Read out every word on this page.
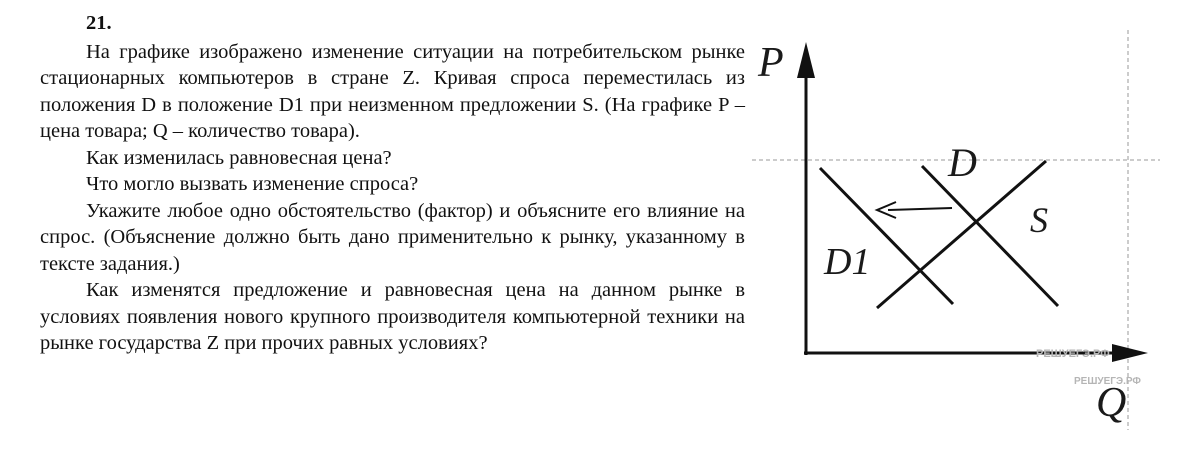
21.

На графике изображено изменение ситуации на потребительском рынке стационарных компьютеров в стране Z. Кривая спроса переместилась из положения D в положение D1 при неизменном предложении S. (На графике P – цена товара; Q – количество товара).

Как изменилась равновесная цена?

Что могло вызвать изменение спроса?

Укажите любое одно обстоятельство (фактор) и объясните его влияние на спрос. (Объяснение должно быть дано применительно к рынку, указанному в тексте задания.)

Как изменятся предложение и равновесная цена на данном рынке в условиях появления нового крупного производителя компьютерной техники на рынке государства Z при прочих равных условиях?

P
Q
D
D1
S
РЕШУЕГЭ.РФ
РЕШУЕГЭ.РФ
